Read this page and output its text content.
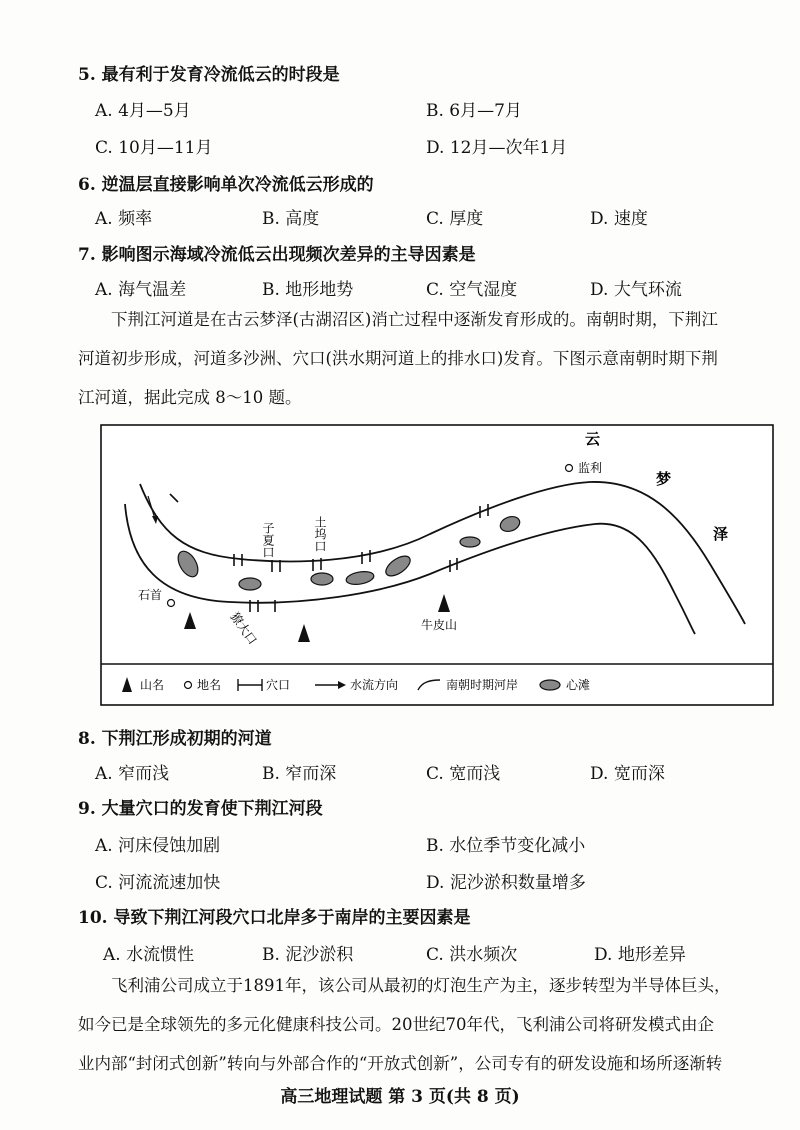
5. 最有利于发育冷流低云的时段是
A. 4月—5月	B. 6月—7月
C. 10月—11月	D. 12月—次年1月
6. 逆温层直接影响单次冷流低云形成的
A. 频率	B. 高度	C. 厚度	D. 速度
7. 影响图示海域冷流低云出现频次差异的主导因素是
A. 海气温差	B. 地形地势	C. 空气湿度	D. 大气环流
下荆江河道是在古云梦泽(古湖沼区)消亡过程中逐渐发育形成的。南朝时期，下荆江
河道初步形成，河道多沙洲、穴口(洪水期河道上的排水口)发育。下图示意南朝时期下荆
江河道，据此完成 8～10 题。
云
梦
泽
监利
石首
牛皮山
子夏口	土坞口
獠大口
山名	地名	穴口	水流方向	南朝时期河岸	心滩
8. 下荆江形成初期的河道
A. 窄而浅	B. 窄而深	C. 宽而浅	D. 宽而深
9. 大量穴口的发育使下荆江河段
A. 河床侵蚀加剧	B. 水位季节变化减小
C. 河流流速加快	D. 泥沙淤积数量增多
10. 导致下荆江河段穴口北岸多于南岸的主要因素是
A. 水流惯性	B. 泥沙淤积	C. 洪水频次	D. 地形差异
飞利浦公司成立于1891年，该公司从最初的灯泡生产为主，逐步转型为半导体巨头，
如今已是全球领先的多元化健康科技公司。20世纪70年代，飞利浦公司将研发模式由企
业内部“封闭式创新”转向与外部合作的“开放式创新”，公司专有的研发设施和场所逐渐转
高三地理试题 第 3 页(共 8 页)
